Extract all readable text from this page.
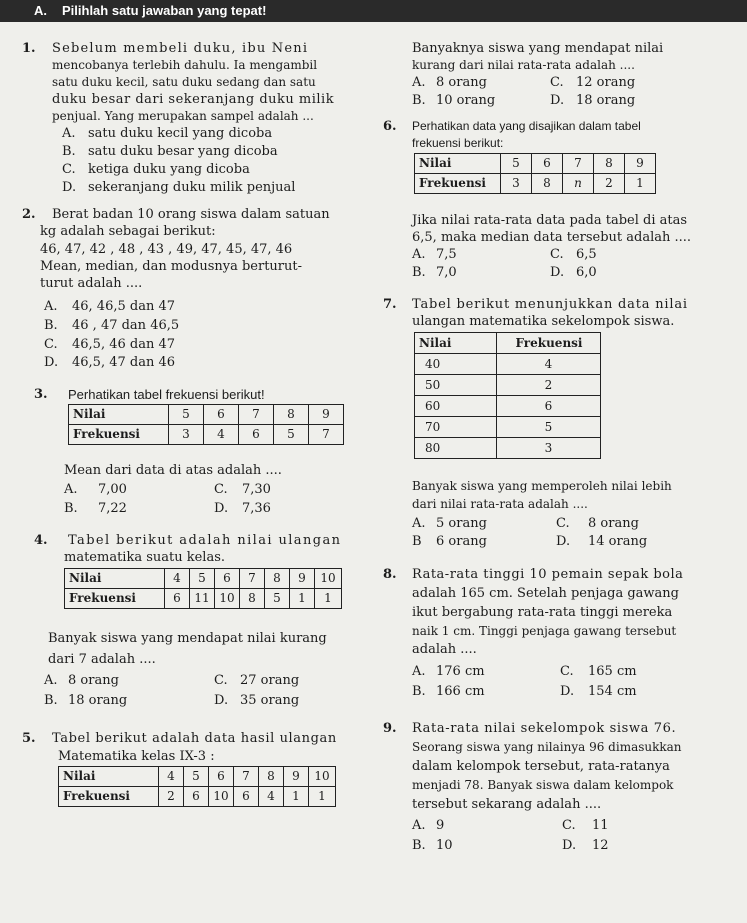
A. Pilihlah satu jawaban yang tepat!
1. Sebelum membeli duku, ibu Neni
mencobanya terlebih dahulu. Ia mengambil
satu duku kecil, satu duku sedang dan satu
duku besar dari sekeranjang duku milik
penjual. Yang merupakan sampel adalah ...
A. satu duku kecil yang dicoba
B. satu duku besar yang dicoba
C. ketiga duku yang dicoba
D. sekeranjang duku milik penjual
2. Berat badan 10 orang siswa dalam satuan
kg adalah sebagai berikut:
46, 47, 42 , 48 , 43 , 49, 47, 45, 47, 46
Mean, median, dan modusnya berturut-
turut adalah ....
A. 46, 46,5 dan 47
B. 46 , 47 dan 46,5
C. 46,5, 46 dan 47
D. 46,5, 47 dan 46
3. Perhatikan tabel frekuensi berikut!
Nilai	5	6	7	8	9
Frekuensi	3	4	6	5	7
Mean dari data di atas adalah ....
A. 7,00
B. 7,22
C. 7,30
D. 7,36
4. Tabel berikut adalah nilai ulangan
matematika suatu kelas.
Nilai	4	5	6	7	8	9	10
Frekuensi	6	11	10	8	5	1	1
Banyak siswa yang mendapat nilai kurang
dari 7 adalah ....
A. 8 orang
B. 18 orang
C. 27 orang
D. 35 orang
5. Tabel berikut adalah data hasil ulangan
Matematika kelas IX-3 :
Nilai	4	5	6	7	8	9	10
Frekuensi	2	6	10	6	4	1	1
Banyaknya siswa yang mendapat nilai
kurang dari nilai rata-rata adalah ....
A. 8 orang
B. 10 orang
C. 12 orang
D. 18 orang
6. Perhatikan data yang disajikan dalam tabel
frekuensi berikut:
Nilai	5	6	7	8	9
Frekuensi	3	8	n	2	1
Jika nilai rata-rata data pada tabel di atas
6,5, maka median data tersebut adalah ....
A. 7,5
B. 7,0
C. 6,5
D. 6,0
7. Tabel berikut menunjukkan data nilai
ulangan matematika sekelompok siswa.
Nilai	Frekuensi
40	4
50	2
60	6
70	5
80	3
Banyak siswa yang memperoleh nilai lebih
dari nilai rata-rata adalah ....
A. 5 orang
B 6 orang
C. 8 orang
D. 14 orang
8. Rata-rata tinggi 10 pemain sepak bola
adalah 165 cm. Setelah penjaga gawang
ikut bergabung rata-rata tinggi mereka
naik 1 cm. Tinggi penjaga gawang tersebut
adalah ....
A. 176 cm
B. 166 cm
C. 165 cm
D. 154 cm
9. Rata-rata nilai sekelompok siswa 76.
Seorang siswa yang nilainya 96 dimasukkan
dalam kelompok tersebut, rata-ratanya
menjadi 78. Banyak siswa dalam kelompok
tersebut sekarang adalah ....
A. 9
B. 10
C. 11
D. 12
